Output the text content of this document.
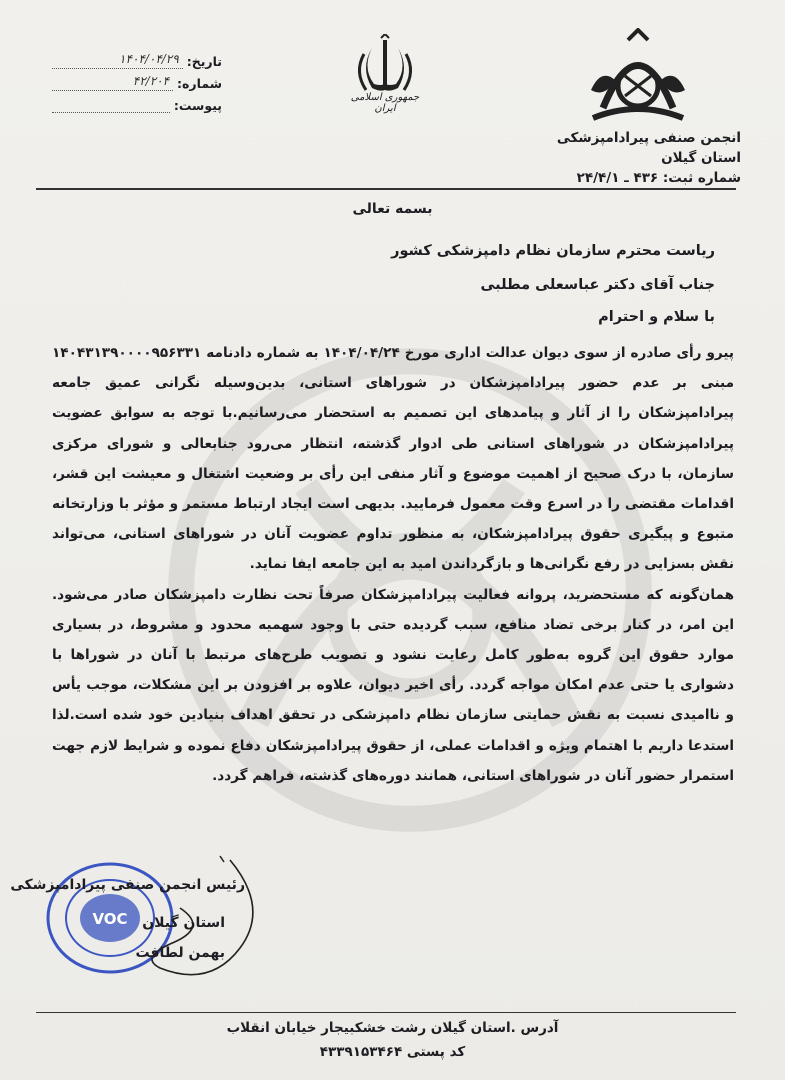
انجمن صنفی پیرادامپزشکی استان گیلان
شماره ثبت: ۴۳۶ ـ ۲۴/۴/۱
جمهوری اسلامی ایران
تاریخ:
۱۴۰۴/۰۴/۲۹
شماره:
۴۲/۲۰۴
پیوست:
بسمه تعالی
ریاست محترم سازمان نظام دامپزشکی کشور
جناب آقای دکتر عباسعلی مطلبی
با سلام و احترام

پیرو رأی صادره از سوی دیوان عدالت اداری مورخ ۱۴۰۴/۰۴/۲۴ به شماره دادنامه ۱۴۰۴۳۱۳۹۰۰۰۰۹۵۶۳۳۱ مبنی بر عدم حضور پیرادامپزشکان در شوراهای استانی، بدین‌وسیله نگرانی عمیق جامعه پیرادامپزشکان را از آثار و پیامدهای این تصمیم به استحضار می‌رسانیم.با توجه به سوابق عضویت پیرادامپزشکان در شوراهای استانی طی ادوار گذشته، انتظار می‌رود جنابعالی و شورای مرکزی سازمان، با درک صحیح از اهمیت موضوع و آثار منفی این رأی بر وضعیت اشتغال و معیشت این قشر، اقدامات مقتضی را در اسرع وقت معمول فرمایید. بدیهی است ایجاد ارتباط مستمر و مؤثر با وزارتخانه متبوع و پیگیری حقوق پیرادامپزشکان، به منظور تداوم عضویت آنان در شوراهای استانی، می‌تواند نقش بسزایی در رفع نگرانی‌ها و بازگرداندن امید به این جامعه ایفا نماید.

همان‌گونه که مستحضرید، پروانه فعالیت پیرادامپزشکان صرفاً تحت نظارت دامپزشکان صادر می‌شود. این امر، در کنار برخی تضاد منافع، سبب گردیده حتی با وجود سهمیه محدود و مشروط، در بسیاری موارد حقوق این گروه به‌طور کامل رعایت نشود و تصویب طرح‌های مرتبط با آنان در شوراها با دشواری یا حتی عدم امکان مواجه گردد. رأی اخیر دیوان، علاوه بر افزودن بر این مشکلات، موجب یأس و ناامیدی نسبت به نقش حمایتی سازمان نظام دامپزشکی در تحقق اهداف بنیادین خود شده است.لذا استدعا داریم با اهتمام ویژه و اقدامات عملی، از حقوق پیرادامپزشکان دفاع نموده و شرایط لازم جهت استمرار حضور آنان در شوراهای استانی، همانند دوره‌های گذشته، فراهم گردد.

VOC
رئیس انجمن صنفی پیرادامپزشکی
استان گیلان
بهمن لطافت
آدرس .استان گیلان رشت خشکبیجار خیابان انقلاب
کد پستی ۴۳۳۹۱۵۳۴۶۴
